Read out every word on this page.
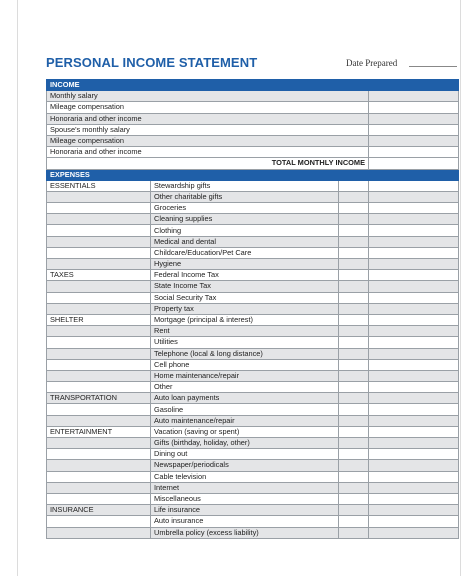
PERSONAL INCOME STATEMENT	Date Prepared
INCOME			
Monthly salary			
Mileage compensation			
Honoraria and other income			
Spouse's monthly salary			
Mileage compensation			
Honoraria and other income			
TOTAL MONTHLY INCOME			
EXPENSES			
ESSENTIALS	Stewardship gifts		
	Other charitable gifts		
	Groceries		
	Cleaning supplies		
	Clothing		
	Medical and dental		
	Childcare/Education/Pet Care		
	Hygiene		
TAXES	Federal Income Tax		
	State Income Tax		
	Social Security Tax		
	Property tax		
SHELTER	Mortgage (principal & interest)		
	Rent		
	Utilities		
	Telephone (local & long distance)		
	Cell phone		
	Home maintenance/repair		
	Other		
TRANSPORTATION	Auto loan payments		
	Gasoline		
	Auto maintenance/repair		
ENTERTAINMENT	Vacation (saving or spent)		
	Gifts (birthday, holiday, other)		
	Dining out		
	Newspaper/periodicals		
	Cable television		
	Internet		
	Miscellaneous		
INSURANCE	Life insurance		
	Auto insurance		
	Umbrella policy (excess liability)		
